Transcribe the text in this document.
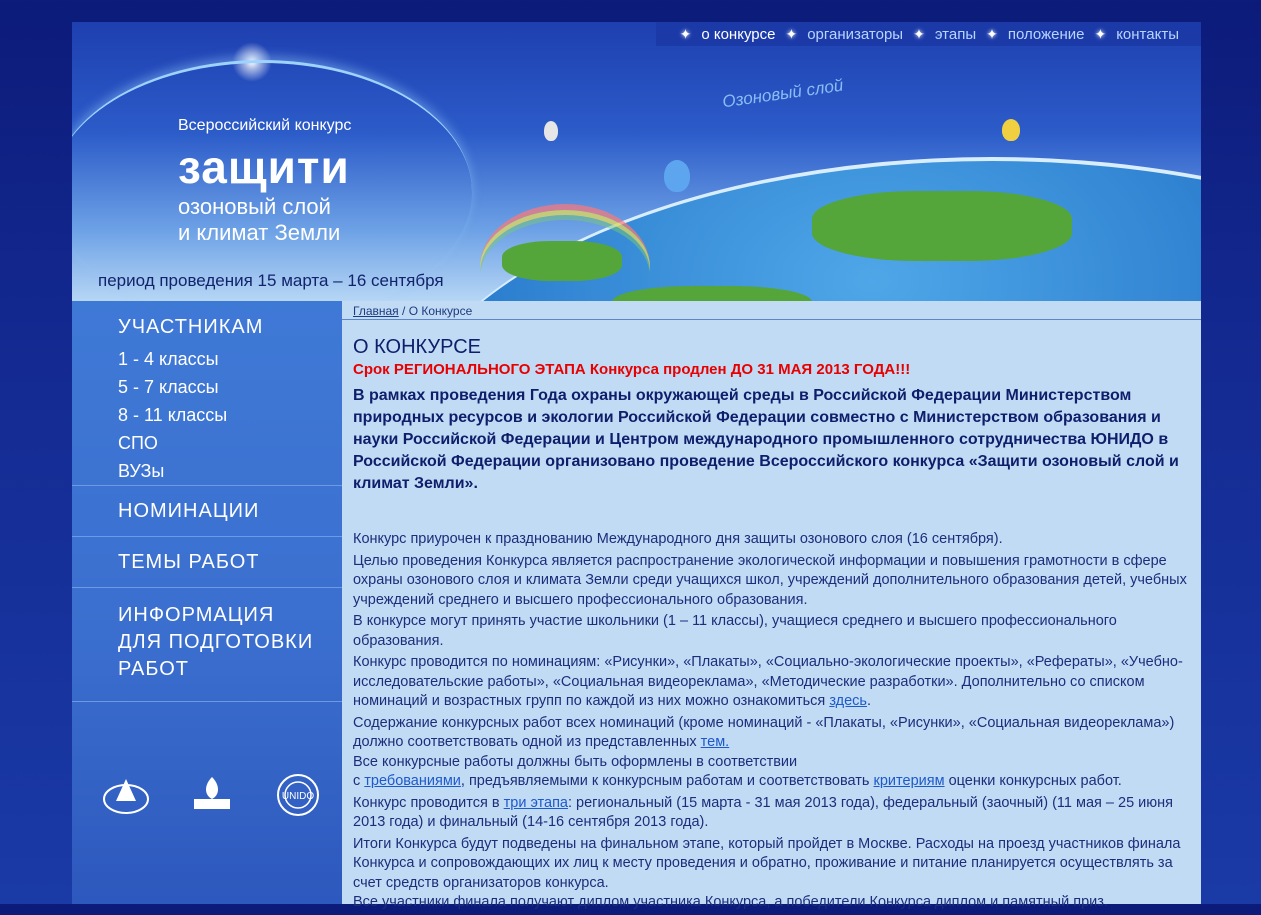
Озоновый слой
Всероссийский конкурс
защити
озоновый слой
и климат Земли
период проведения 15 марта – 16 сентября
✦ о конкурсе ✦ организаторы ✦ этапы ✦ положение ✦ контакты
УЧАСТНИКАМ
1 - 4 классы
5 - 7 классы
8 - 11 классы
СПО
ВУЗы
НОМИНАЦИИ
ТЕМЫ РАБОТ
ИНФОРМАЦИЯ
ДЛЯ ПОДГОТОВКИ
РАБОТ
UNIDO
Главная / О Конкурсе
О КОНКУРСЕ
Срок РЕГИОНАЛЬНОГО ЭТАПА Конкурса продлен ДО 31 МАЯ 2013 ГОДА!!!
В рамках проведения Года охраны окружающей среды в Российской Федерации Министерством природных ресурсов и экологии Российской Федерации совместно с Министерством образования и науки Российской Федерации и Центром международного промышленного сотрудничества ЮНИДО в Российской Федерации организовано проведение Всероссийского конкурса «Защити озоновый слой и климат Земли».

Конкурс приурочен к празднованию Международного дня защиты озонового слоя (16 сентября).

Целью проведения Конкурса является распространение экологической информации и повышения грамотности в сфере охраны озонового слоя и климата Земли среди учащихся школ, учреждений дополнительного образования детей, учебных учреждений среднего и высшего профессионального образования.

В конкурсе могут принять участие школьники (1 – 11 классы), учащиеся среднего и высшего профессионального образования.

Конкурс проводится по номинациям: «Рисунки», «Плакаты», «Социально-экологические проекты», «Рефераты», «Учебно-исследовательские работы», «Социальная видеореклама», «Методические разработки». Дополнительно со списком номинаций и возрастных групп по каждой из них можно ознакомиться здесь.

Содержание конкурсных работ всех номинаций (кроме номинаций - «Плакаты, «Рисунки», «Социальная видеореклама») должно соответствовать одной из представленных тем.

Все конкурсные работы должны быть оформлены в соответствии

с требованиями, предъявляемыми к конкурсным работам и соответствовать критериям оценки конкурсных работ.

Конкурс проводится в три этапа: региональный (15 марта - 31 мая 2013 года), федеральный (заочный) (11 мая – 25 июня 2013 года) и финальный (14-16 сентября 2013 года).

Итоги Конкурса будут подведены на финальном этапе, который пройдет в Москве. Расходы на проезд участников финала Конкурса и сопровождающих их лиц к месту проведения и обратно, проживание и питание планируется осуществлять за счет средств организаторов конкурса.

Все участники финала получают диплом участника Конкурса, а победители Конкурса диплом и памятный приз.
